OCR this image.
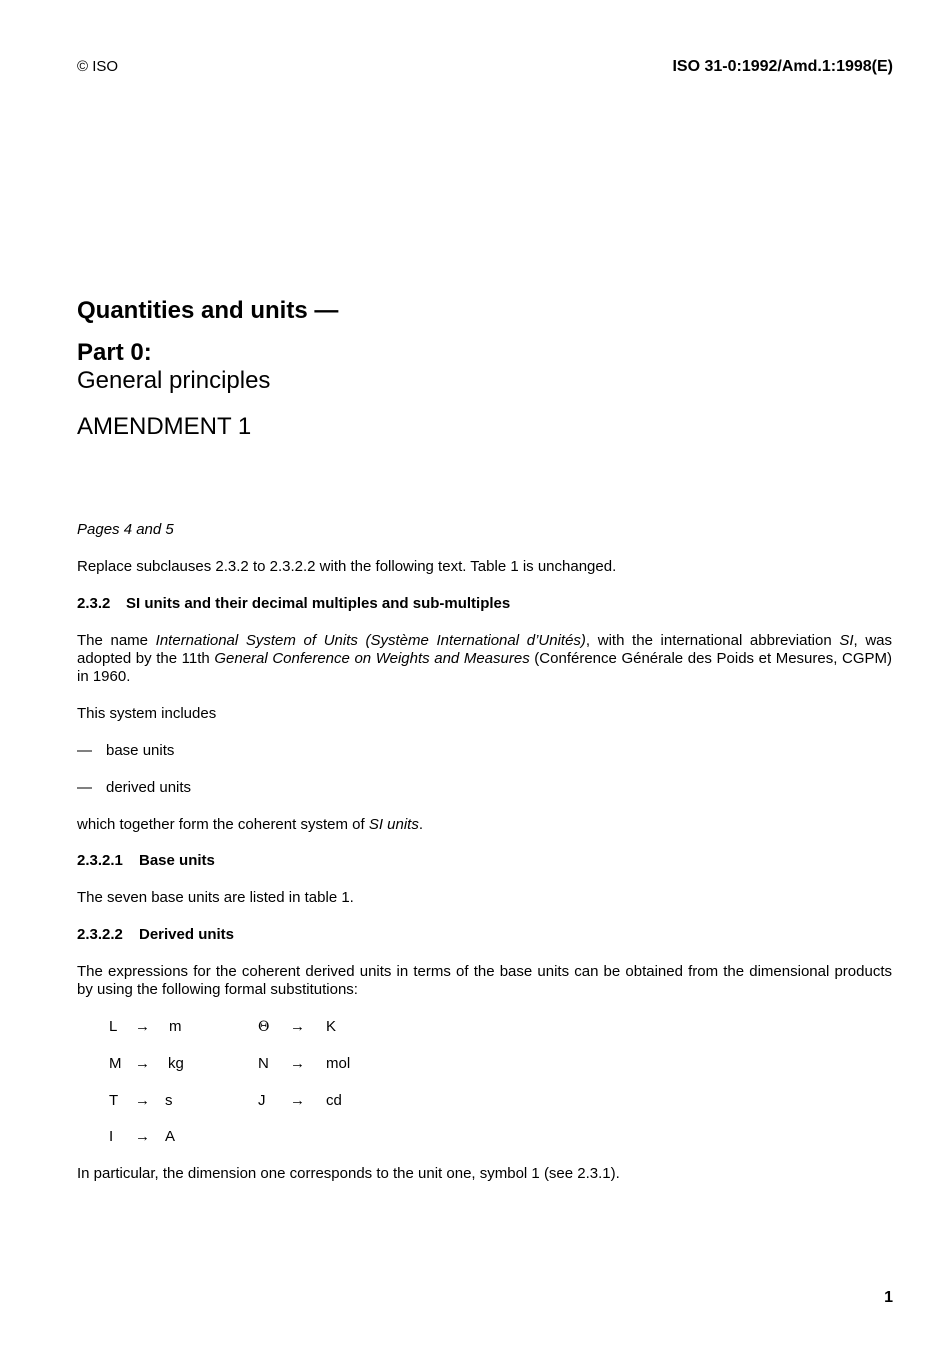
© ISO	ISO 31-0:1992/Amd.1:1998(E)
Quantities and units —
Part 0:
General principles
AMENDMENT 1
Pages 4 and 5
Replace subclauses 2.3.2 to 2.3.2.2 with the following text. Table 1 is unchanged.
2.3.2 SI units and their decimal multiples and sub-multiples
The name International System of Units (Système International d’Unités), with the international abbreviation SI, was adopted by the 11th General Conference on Weights and Measures (Conférence Générale des Poids et Mesures, CGPM) in 1960.
This system includes
— base units
— derived units
which together form the coherent system of SI units.
2.3.2.1 Base units
The seven base units are listed in table 1.
2.3.2.2 Derived units
The expressions for the coherent derived units in terms of the base units can be obtained from the dimensional products by using the following formal substitutions:
L → m
M → kg
T → s
I → A
Θ → K
N → mol
J → cd
In particular, the dimension one corresponds to the unit one, symbol 1 (see 2.3.1).
1
